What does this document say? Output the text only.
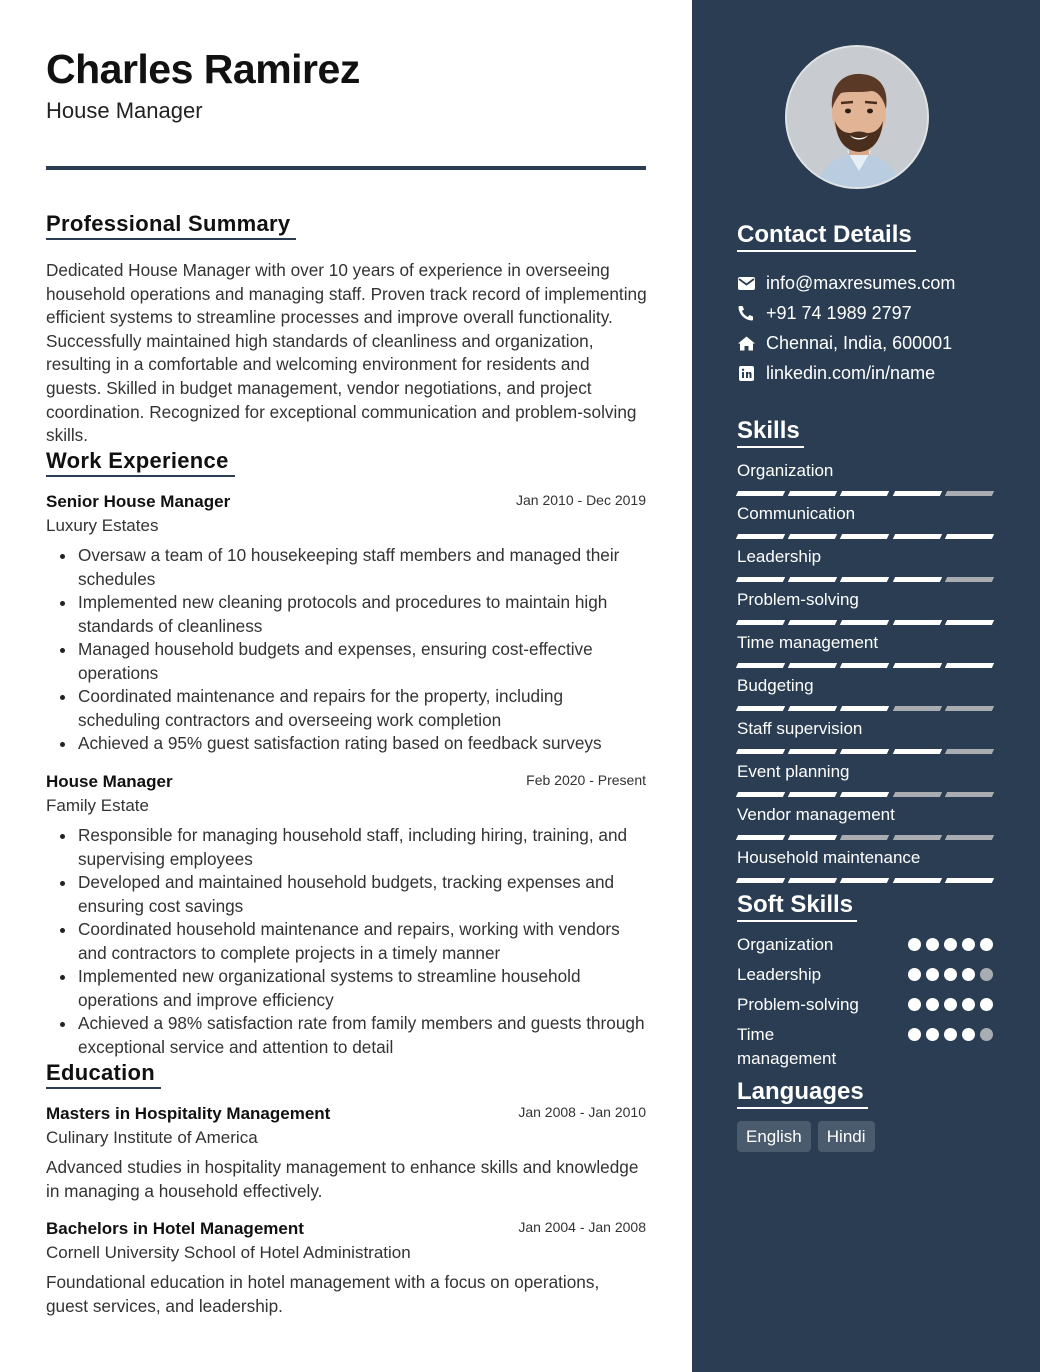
Charles Ramirez
House Manager
Professional Summary
Dedicated House Manager with over 10 years of experience in overseeing household operations and managing staff. Proven track record of implementing efficient systems to streamline processes and improve overall functionality. Successfully maintained high standards of cleanliness and organization, resulting in a comfortable and welcoming environment for residents and guests. Skilled in budget management, vendor negotiations, and project coordination. Recognized for exceptional communication and problem-solving skills.
Work Experience
Senior House Manager	Jan 2010 - Dec 2019
Luxury Estates
Oversaw a team of 10 housekeeping staff members and managed their schedules
Implemented new cleaning protocols and procedures to maintain high standards of cleanliness
Managed household budgets and expenses, ensuring cost-effective operations
Coordinated maintenance and repairs for the property, including scheduling contractors and overseeing work completion
Achieved a 95% guest satisfaction rating based on feedback surveys
House Manager	Feb 2020 - Present
Family Estate
Responsible for managing household staff, including hiring, training, and supervising employees
Developed and maintained household budgets, tracking expenses and ensuring cost savings
Coordinated household maintenance and repairs, working with vendors and contractors to complete projects in a timely manner
Implemented new organizational systems to streamline household operations and improve efficiency
Achieved a 98% satisfaction rate from family members and guests through exceptional service and attention to detail
Education
Masters in Hospitality Management	Jan 2008 - Jan 2010
Culinary Institute of America
Advanced studies in hospitality management to enhance skills and knowledge in managing a household effectively.
Bachelors in Hotel Management	Jan 2004 - Jan 2008
Cornell University School of Hotel Administration
Foundational education in hotel management with a focus on operations, guest services, and leadership.
Contact Details
info@maxresumes.com
+91 74 1989 2797
Chennai, India, 600001
linkedin.com/in/name
Skills
Organization
Communication
Leadership
Problem-solving
Time management
Budgeting
Staff supervision
Event planning
Vendor management
Household maintenance
Soft Skills
Organization
Leadership
Problem-solving
Time management
Languages
English	Hindi
